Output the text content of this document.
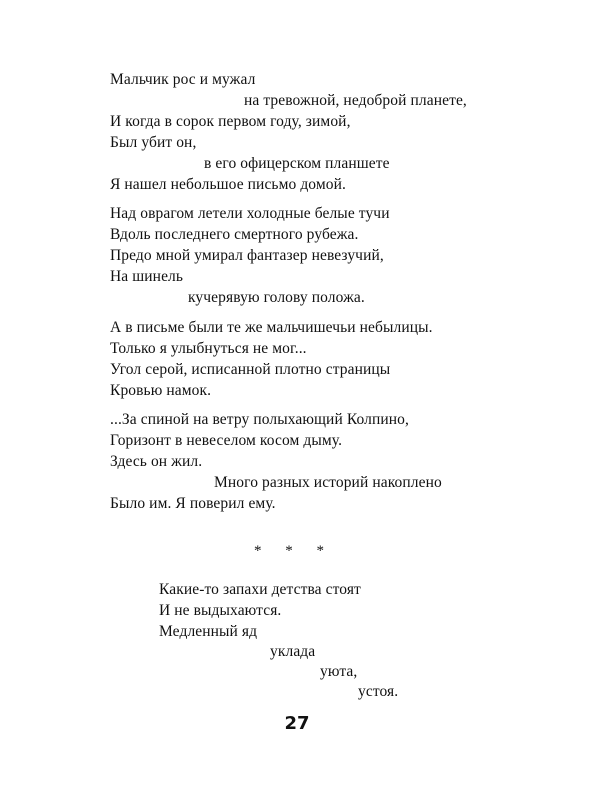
Мальчик рос и мужал
на тревожной, недоброй планете,
И когда в сорок первом году, зимой,
Был убит он,
в его офицерском планшете
Я нашел небольшое письмо домой.
Над оврагом летели холодные белые тучи
Вдоль последнего смертного рубежа.
Предо мной умирал фантазер невезучий,
На шинель
кучерявую голову положа.
А в письме были те же мальчишечьи небылицы.
Только я улыбнуться не мог...
Угол серой, исписанной плотно страницы
Кровью намок.
...За спиной на ветру полыхающий Колпино,
Горизонт в невеселом косом дыму.
Здесь он жил.
Много разных историй накоплено
Было им. Я поверил ему.
* * *
Какие-то запахи детства стоят
И не выдыхаются.
Медленный яд
уклада
уюта,
устоя.
27
